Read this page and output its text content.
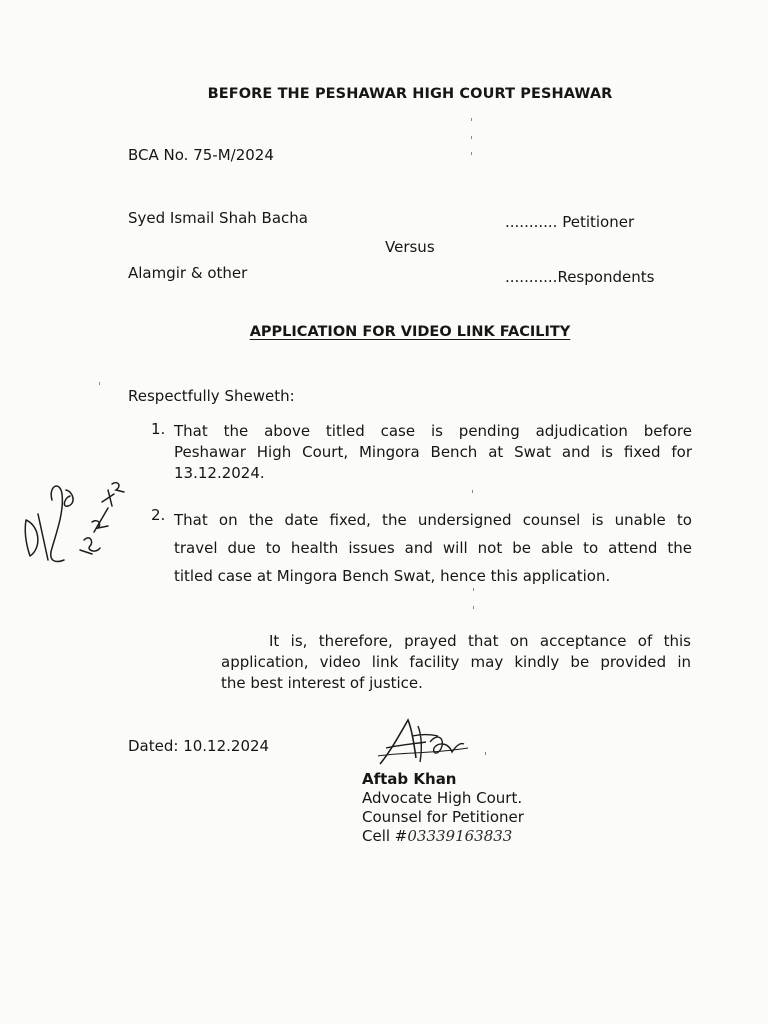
BEFORE THE PESHAWAR HIGH COURT PESHAWAR
BCA No. 75-M/2024
Syed Ismail Shah Bacha	........... Petitioner
Versus
Alamgir & other	...........Respondents
APPLICATION FOR VIDEO LINK FACILITY
Respectfully Sheweth:
1. That the above titled case is pending adjudication before
Peshawar High Court, Mingora Bench at Swat and is fixed for
13.12.2024.
2. That on the date fixed, the undersigned counsel is unable to
travel due to health issues and will not be able to attend the
titled case at Mingora Bench Swat, hence this application.
It is, therefore, prayed that on acceptance of this
application, video link facility may kindly be provided in
the best interest of justice.
Dated: 10.12.2024
Aftab Khan
Advocate High Court.
Counsel for Petitioner
Cell #03339163833
